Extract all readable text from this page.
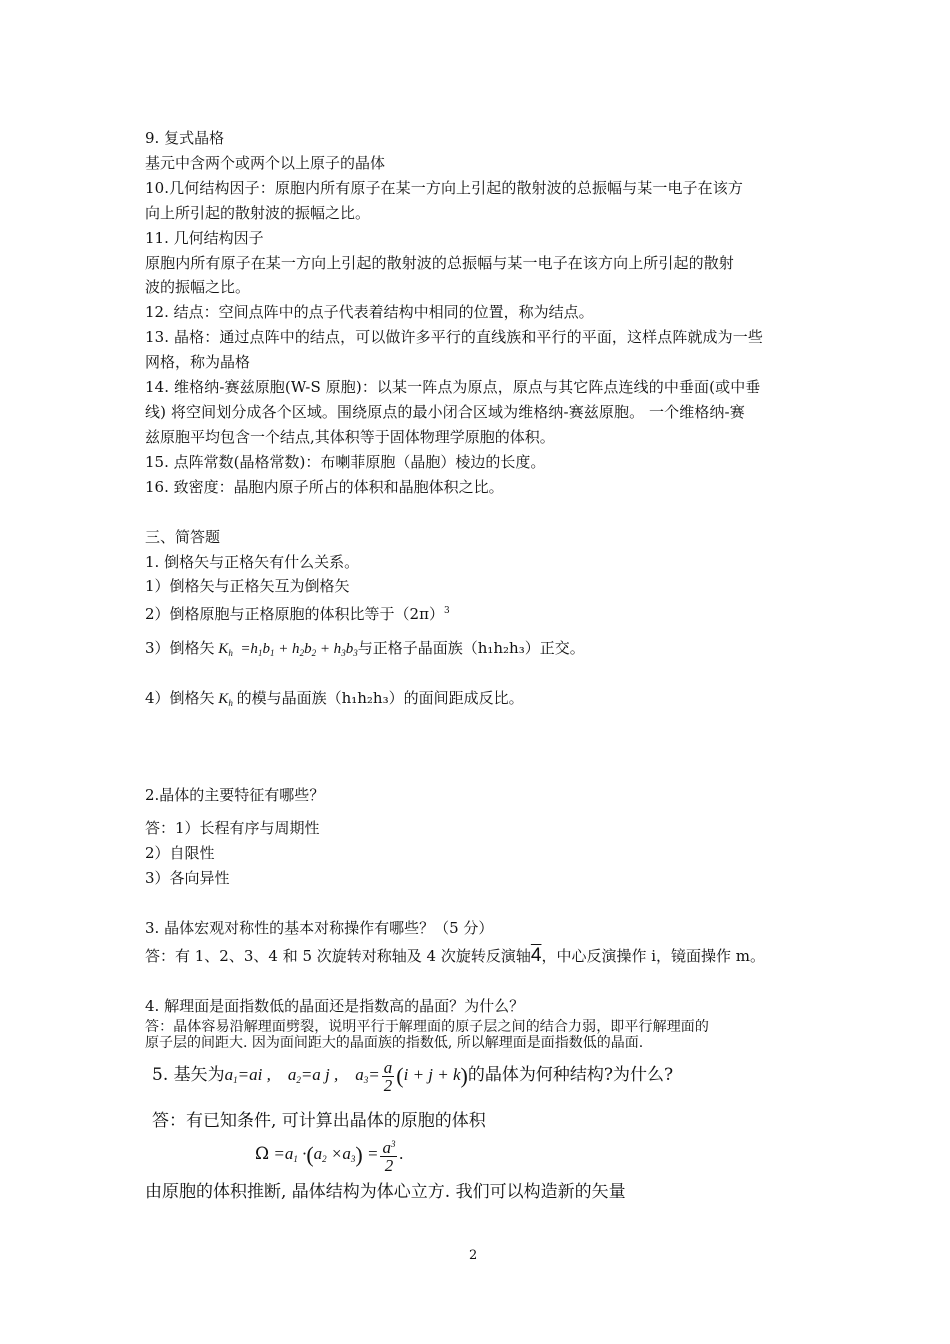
9. 复式晶格
基元中含两个或两个以上原子的晶体
10.几何结构因子：原胞内所有原子在某一方向上引起的散射波的总振幅与某一电子在该方
向上所引起的散射波的振幅之比。
11. 几何结构因子
原胞内所有原子在某一方向上引起的散射波的总振幅与某一电子在该方向上所引起的散射
波的振幅之比。
12. 结点：空间点阵中的点子代表着结构中相同的位置，称为结点。
13. 晶格：通过点阵中的结点，可以做许多平行的直线族和平行的平面，这样点阵就成为一些
网格，称为晶格
14. 维格纳-赛兹原胞(W-S 原胞)：以某一阵点为原点，原点与其它阵点连线的中垂面(或中垂
线) 将空间划分成各个区域。围绕原点的最小闭合区域为维格纳-赛兹原胞。 一个维格纳-赛
兹原胞平均包含一个结点,其体积等于固体物理学原胞的体积。
15. 点阵常数(晶格常数)：布喇菲原胞（晶胞）棱边的长度。
16. 致密度：晶胞内原子所占的体积和晶胞体积之比。
三、简答题
1. 倒格矢与正格矢有什么关系。
1）倒格矢与正格矢互为倒格矢
2）倒格原胞与正格原胞的体积比等于$(2\pi)^3$
3）倒格矢 $K_h =h_1b_1 + h_2b_2 + h_3b_3$与正格子晶面族（h₁h₂h₃）正交。
4）倒格矢 $K_h$ 的模与晶面族（h₁h₂h₃）的面间距成反比。
2.晶体的主要特征有哪些？
答：1）长程有序与周期性
2）自限性
3）各向异性
3. 晶体宏观对称性的基本对称操作有哪些？（5 分）
答：有 1、2、3、4 和 5 次旋转对称轴及 4 次旋转反演轴4，中心反演操作 i，镜面操作 m。
4. 解理面是面指数低的晶面还是指数高的晶面？为什么？
答：晶体容易沿解理面劈裂，说明平行于解理面的原子层之间的结合力弱，即平行解理面的
原子层的间距大. 因为面间距大的晶面族的指数低, 所以解理面是面指数低的晶面.
5. 基矢为$a_1=ai$ ,    $a_2=a$ j ,    $a_3= \frac{a}{2} (i + j + k)$的晶体为何种结构?为什么?
答：有已知条件, 可计算出晶体的原胞的体积
$\Omega =a_1 \cdot(a_2 \times a_3) = \frac{a^3}{2}$ .
由原胞的体积推断, 晶体结构为体心立方. 我们可以构造新的矢量
2
